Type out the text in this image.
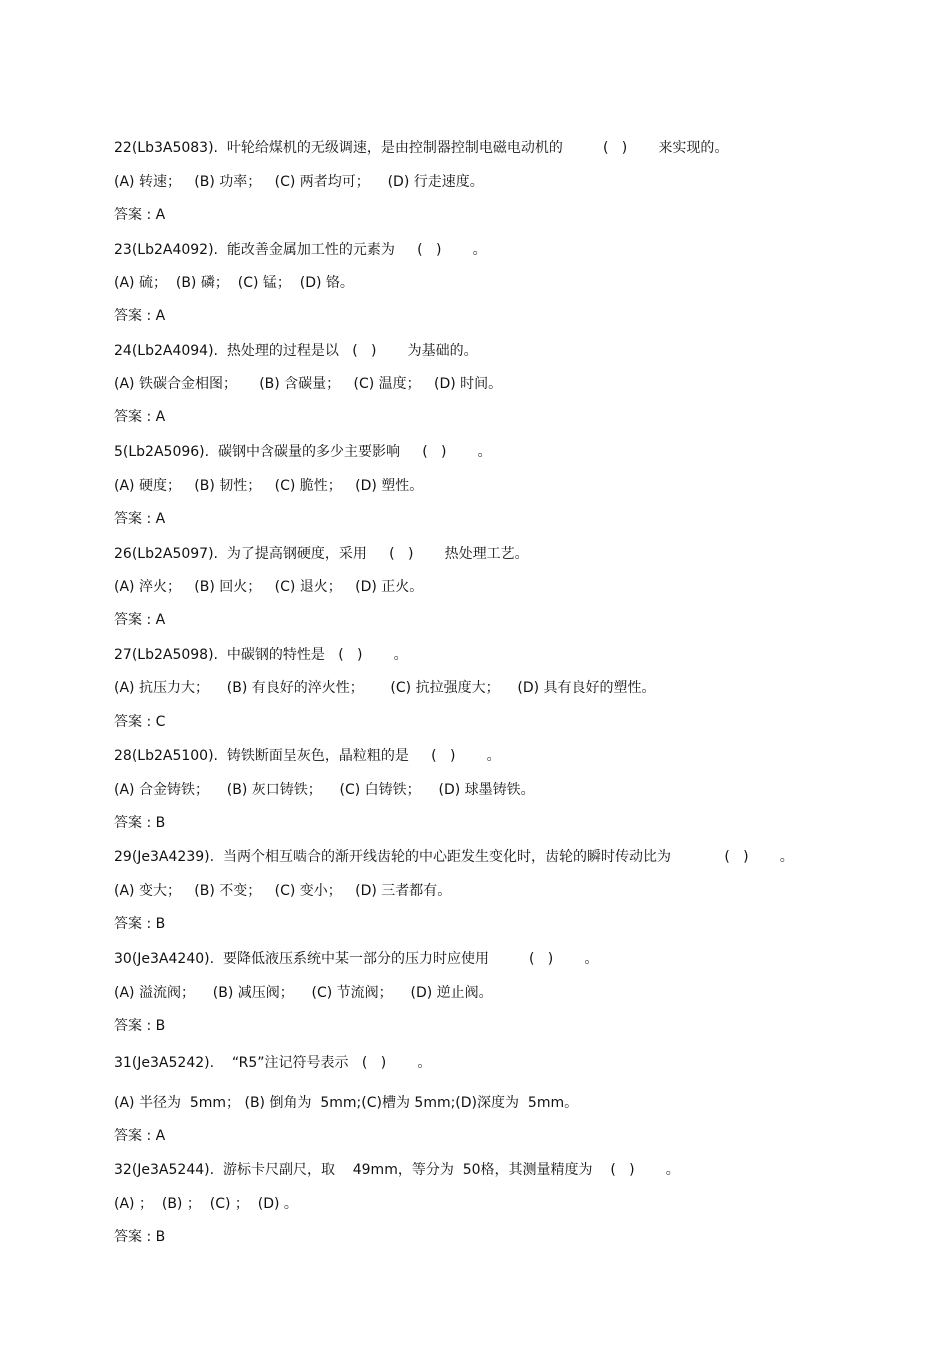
22(Lb3A5083).  叶轮给煤机的无级调速，是由控制器控制电磁电动机的         (   )       来实现的。
(A) 转速；   (B) 功率；   (C) 两者均可；    (D) 行走速度。
答案 : A
23(Lb2A4092).  能改善金属加工性的元素为     (   )       。
(A) 硫；  (B) 磷；  (C) 锰；  (D) 铬。
答案 : A
24(Lb2A4094).  热处理的过程是以   (   )       为基础的。
(A) 铁碳合金相图；     (B) 含碳量；   (C) 温度；   (D) 时间。
答案 : A
5(Lb2A5096).  碳钢中含碳量的多少主要影响     (   )       。
(A) 硬度；   (B) 韧性；   (C) 脆性；   (D) 塑性。
答案 : A
26(Lb2A5097).  为了提高钢硬度，采用     (   )       热处理工艺。
(A) 淬火；   (B) 回火；   (C) 退火；   (D) 正火。
答案 : A
27(Lb2A5098).  中碳钢的特性是   (   )       。
(A) 抗压力大；    (B) 有良好的淬火性；      (C) 抗拉强度大；    (D) 具有良好的塑性。
答案 : C
28(Lb2A5100).  铸铁断面呈灰色，晶粒粗的是     (   )       。
(A) 合金铸铁；    (B) 灰口铸铁；    (C) 白铸铁；    (D) 球墨铸铁。
答案 : B
29(Je3A4239).  当两个相互啮合的渐开线齿轮的中心距发生变化时，齿轮的瞬时传动比为            (   )       。
(A) 变大；   (B) 不变；   (C) 变小；   (D) 三者都有。
答案 : B
30(Je3A4240).  要降低液压系统中某一部分的压力时应使用         (   )       。
(A) 溢流阀；    (B) 减压阀；    (C) 节流阀；    (D) 逆止阀。
答案 : B
31(Je3A5242).    “R5”注记符号表示   (   )       。
(A) 半径为  5mm； (B) 倒角为  5mm;(C)槽为 5mm;(D)深度为  5mm。
答案 : A
32(Je3A5244).  游标卡尺副尺，取    49mm，等分为  50格，其测量精度为    (   )       。
(A) ；  (B) ；  (C) ；  (D) 。
答案 : B
